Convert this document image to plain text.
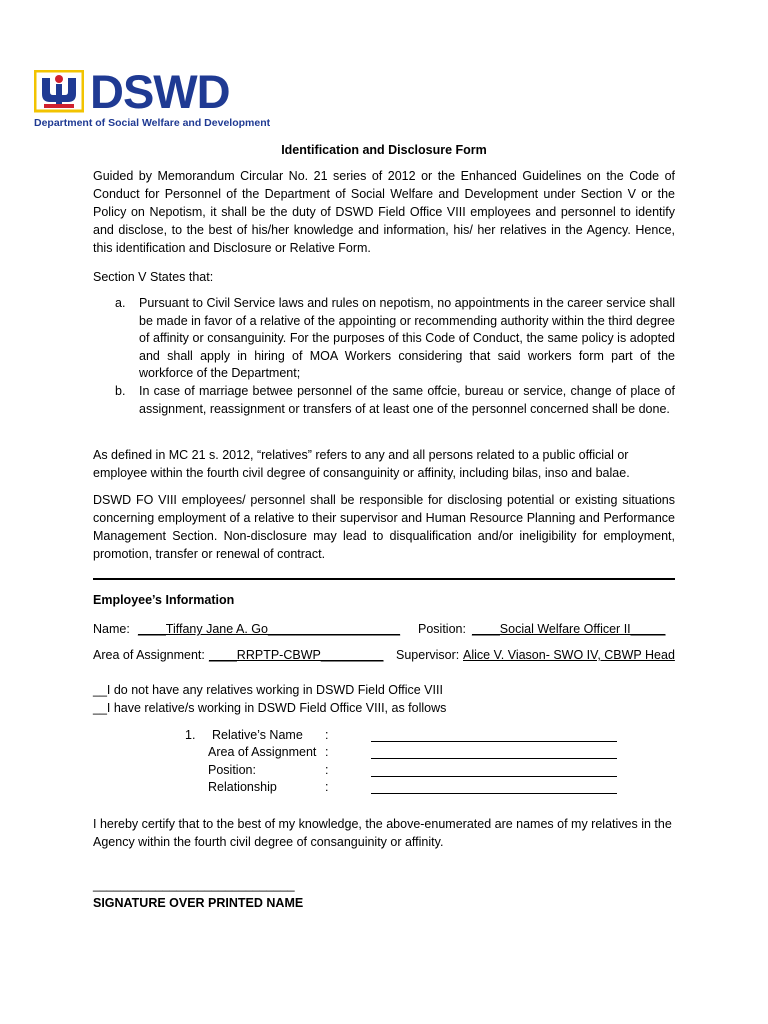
DSWD
Department of Social Welfare and Development
Identification and Disclosure Form

Guided by Memorandum Circular No. 21 series of 2012 or the Enhanced Guidelines on the Code of Conduct for Personnel of the Department of Social Welfare and Development under Section V or the Policy on Nepotism, it shall be the duty of DSWD Field Office VIII employees and personnel to identify and disclose, to the best of his/her knowledge and information, his/ her relatives in the Agency. Hence, this identification and Disclosure or Relative Form.

Section V States that:

a. Pursuant to Civil Service laws and rules on nepotism, no appointments in the career service shall be made in favor of a relative of the appointing or recommending authority within the third degree of affinity or consanguinity. For the purposes of this Code of Conduct, the same policy is adopted and shall apply in hiring of MOA Workers considering that said workers form part of the workforce of the Department;
b. In case of marriage betwee personnel of the same offcie, bureau or service, change of place of assignment, reassignment or transfers of at least one of the personnel concerned shall be done.

As defined in MC 21 s. 2012, “relatives” refers to any and all persons related to a public official or employee within the fourth civil degree of consanguinity or affinity, including bilas, inso and balae.

DSWD FO VIII employees/ personnel shall be responsible for disclosing potential or existing situations concerning employment of a relative to their supervisor and Human Resource Planning and Performance Management Section. Non-disclosure may lead to disqualification and/or ineligibility for employment, promotion, transfer or renewal of contract.

Employee’s Information
Name: ____Tiffany Jane A. Go___________________ Position: ____Social Welfare Officer II_____
Area of Assignment: ____RRPTP-CBWP_________ Supervisor: Alice V. Viason- SWO IV, CBWP Head
__I do not have any relatives working in DSWD Field Office VIII
__I have relative/s working in DSWD Field Office VIII, as follows
1. Relative’s Name :
Area of Assignment :
Position:	:
Relationship	:

I hereby certify that to the best of my knowledge, the above-enumerated are names of my relatives in the Agency within the fourth civil degree of consanguinity or affinity.

_____________________________
SIGNATURE OVER PRINTED NAME
